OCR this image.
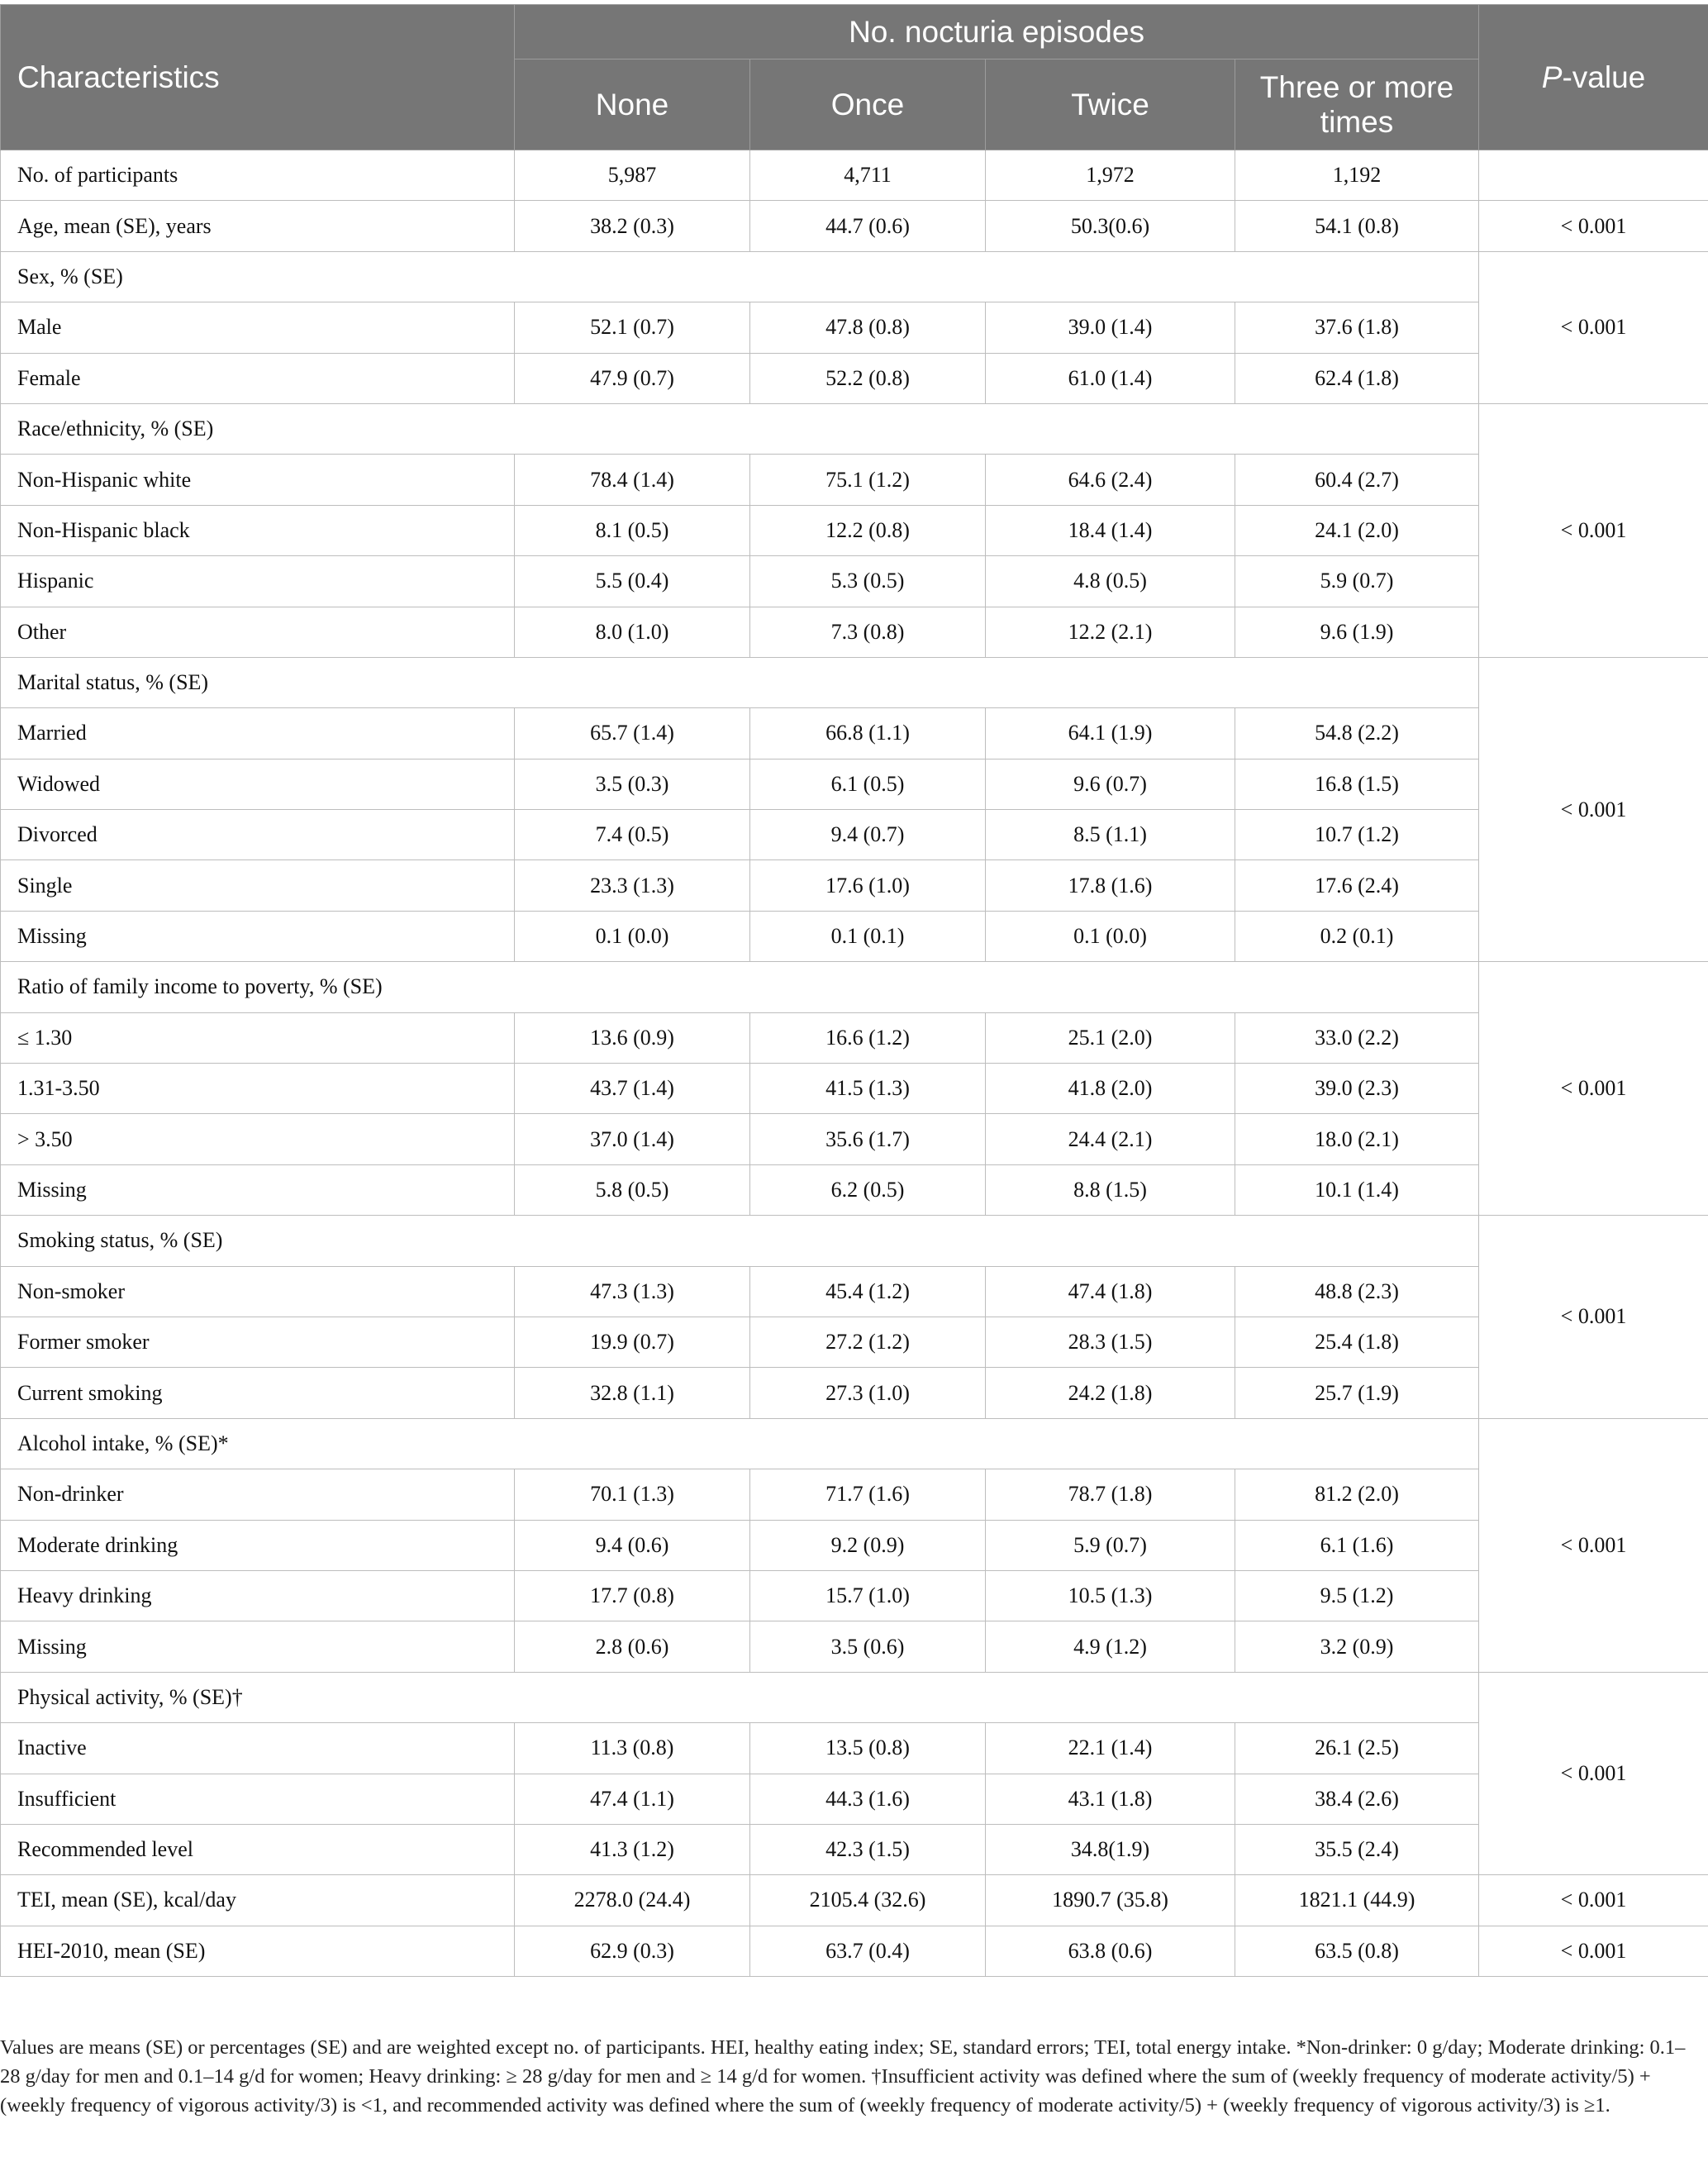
Characteristics	No. nocturia episodes				P-value
	None	Once	Twice	Three or more times	
No. of participants	5,987	4,711	1,972	1,192	
Age, mean (SE), years	38.2 (0.3)	44.7 (0.6)	50.3(0.6)	54.1 (0.8)	< 0.001
Sex, % (SE)					< 0.001
Male	52.1 (0.7)	47.8 (0.8)	39.0 (1.4)	37.6 (1.8)	
Female	47.9 (0.7)	52.2 (0.8)	61.0 (1.4)	62.4 (1.8)	
Race/ethnicity, % (SE)					< 0.001
Non-Hispanic white	78.4 (1.4)	75.1 (1.2)	64.6 (2.4)	60.4 (2.7)	
Non-Hispanic black	8.1 (0.5)	12.2 (0.8)	18.4 (1.4)	24.1 (2.0)	
Hispanic	5.5 (0.4)	5.3 (0.5)	4.8 (0.5)	5.9 (0.7)	
Other	8.0 (1.0)	7.3 (0.8)	12.2 (2.1)	9.6 (1.9)	
Marital status, % (SE)					< 0.001
Married	65.7 (1.4)	66.8 (1.1)	64.1 (1.9)	54.8 (2.2)	
Widowed	3.5 (0.3)	6.1 (0.5)	9.6 (0.7)	16.8 (1.5)	
Divorced	7.4 (0.5)	9.4 (0.7)	8.5 (1.1)	10.7 (1.2)	
Single	23.3 (1.3)	17.6 (1.0)	17.8 (1.6)	17.6 (2.4)	
Missing	0.1 (0.0)	0.1 (0.1)	0.1 (0.0)	0.2 (0.1)	
Ratio of family income to poverty, % (SE)					< 0.001
≤ 1.30	13.6 (0.9)	16.6 (1.2)	25.1 (2.0)	33.0 (2.2)	
1.31-3.50	43.7 (1.4)	41.5 (1.3)	41.8 (2.0)	39.0 (2.3)	
> 3.50	37.0 (1.4)	35.6 (1.7)	24.4 (2.1)	18.0 (2.1)	
Missing	5.8 (0.5)	6.2 (0.5)	8.8 (1.5)	10.1 (1.4)	
Smoking status, % (SE)					< 0.001
Non-smoker	47.3 (1.3)	45.4 (1.2)	47.4 (1.8)	48.8 (2.3)	
Former smoker	19.9 (0.7)	27.2 (1.2)	28.3 (1.5)	25.4 (1.8)	
Current smoking	32.8 (1.1)	27.3 (1.0)	24.2 (1.8)	25.7 (1.9)	
Alcohol intake, % (SE)*					< 0.001
Non-drinker	70.1 (1.3)	71.7 (1.6)	78.7 (1.8)	81.2 (2.0)	
Moderate drinking	9.4 (0.6)	9.2 (0.9)	5.9 (0.7)	6.1 (1.6)	
Heavy drinking	17.7 (0.8)	15.7 (1.0)	10.5 (1.3)	9.5 (1.2)	
Missing	2.8 (0.6)	3.5 (0.6)	4.9 (1.2)	3.2 (0.9)	
Physical activity, % (SE)†					< 0.001
Inactive	11.3 (0.8)	13.5 (0.8)	22.1 (1.4)	26.1 (2.5)	
Insufficient	47.4 (1.1)	44.3 (1.6)	43.1 (1.8)	38.4 (2.6)	
Recommended level	41.3 (1.2)	42.3 (1.5)	34.8(1.9)	35.5 (2.4)	
TEI, mean (SE), kcal/day	2278.0 (24.4)	2105.4 (32.6)	1890.7 (35.8)	1821.1 (44.9)	< 0.001
HEI-2010, mean (SE)	62.9 (0.3)	63.7 (0.4)	63.8 (0.6)	63.5 (0.8)	< 0.001
Values are means (SE) or percentages (SE) and are weighted except no. of participants. HEI, healthy eating index; SE, standard errors; TEI, total energy intake. *Non-drinker: 0 g/day; Moderate drinking: 0.1–28 g/day for men and 0.1–14 g/d for women; Heavy drinking: ≥ 28 g/day for men and ≥ 14 g/d for women. †Insufficient activity was defined where the sum of (weekly frequency of moderate activity/5) + (weekly frequency of vigorous activity/3) is <1, and recommended activity was defined where the sum of (weekly frequency of moderate activity/5) + (weekly frequency of vigorous activity/3) is ≥1.
